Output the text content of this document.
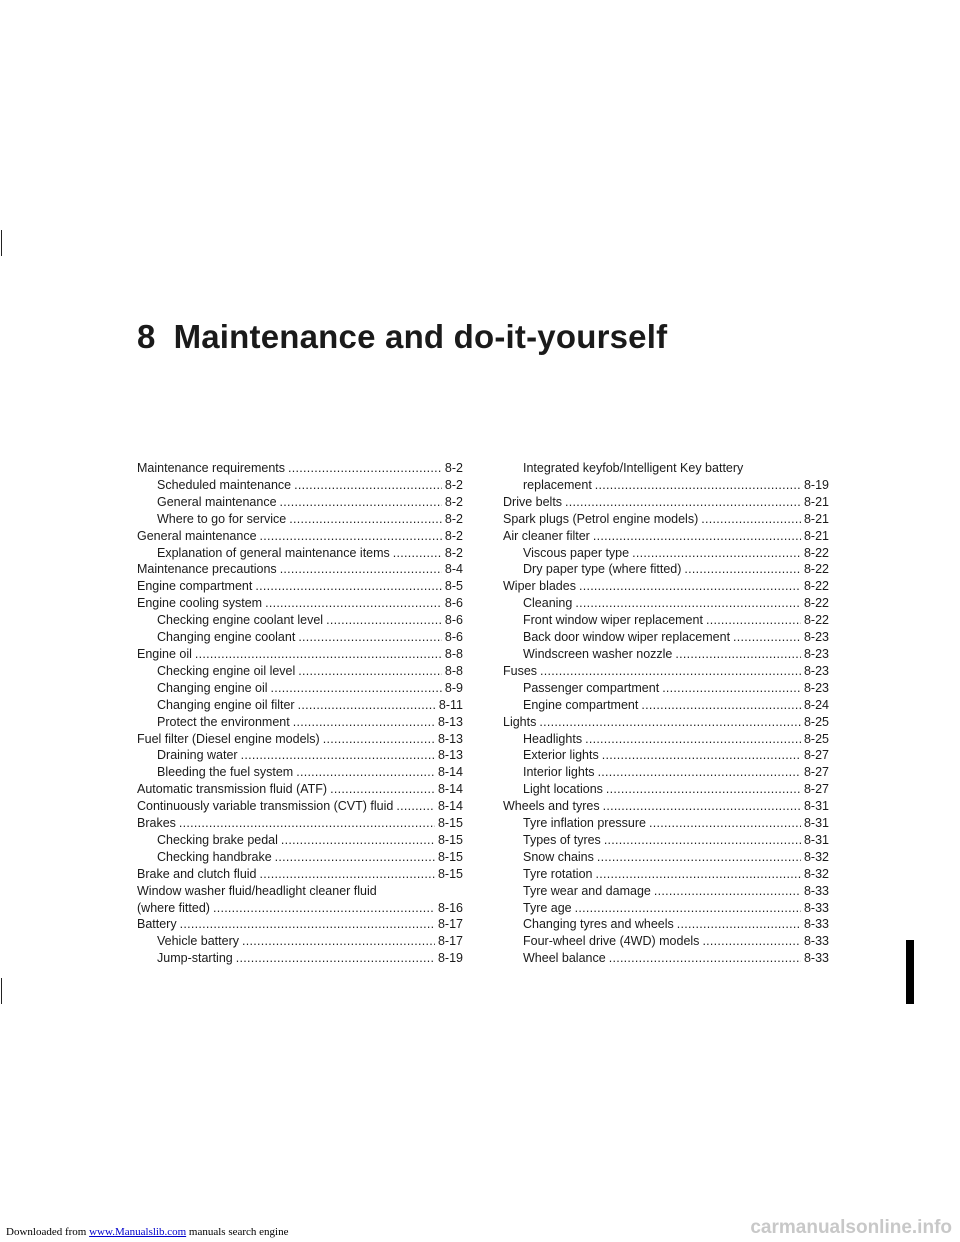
8 Maintenance and do-it-yourself
Maintenance requirements . . .	8-2
Scheduled maintenance . . .	8-2
General maintenance . . .	8-2
Where to go for service . . .	8-2
General maintenance . . .	8-2
Explanation of general maintenance items . . .	8-2
Maintenance precautions . . .	8-4
Engine compartment . . .	8-5
Engine cooling system . . .	8-6
Checking engine coolant level . . .	8-6
Changing engine coolant . . .	8-6
Engine oil . . .	8-8
Checking engine oil level . . .	8-8
Changing engine oil . . .	8-9
Changing engine oil filter . . .	8-11
Protect the environment . . .	8-13
Fuel filter (Diesel engine models) . . .	8-13
Draining water . . .	8-13
Bleeding the fuel system . . .	8-14
Automatic transmission fluid (ATF) . . .	8-14
Continuously variable transmission (CVT) fluid . . .	8-14
Brakes . . .	8-15
Checking brake pedal . . .	8-15
Checking handbrake . . .	8-15
Brake and clutch fluid . . .	8-15
Window washer fluid/headlight cleaner fluid
(where fitted) . . .	8-16
Battery . . .	8-17
Vehicle battery . . .	8-17
Jump-starting . . .	8-19
Integrated keyfob/Intelligent Key battery
replacement . . .	8-19
Drive belts . . .	8-21
Spark plugs (Petrol engine models) . . .	8-21
Air cleaner filter . . .	8-21
Viscous paper type . . .	8-22
Dry paper type (where fitted) . . .	8-22
Wiper blades . . .	8-22
Cleaning . . .	8-22
Front window wiper replacement . . .	8-22
Back door window wiper replacement . . .	8-23
Windscreen washer nozzle . . .	8-23
Fuses . . .	8-23
Passenger compartment . . .	8-23
Engine compartment . . .	8-24
Lights . . .	8-25
Headlights . . .	8-25
Exterior lights . . .	8-27
Interior lights . . .	8-27
Light locations . . .	8-27
Wheels and tyres . . .	8-31
Tyre inflation pressure . . .	8-31
Types of tyres . . .	8-31
Snow chains . . .	8-32
Tyre rotation . . .	8-32
Tyre wear and damage . . .	8-33
Tyre age . . .	8-33
Changing tyres and wheels . . .	8-33
Four-wheel drive (4WD) models . . .	8-33
Wheel balance . . .	8-33
Downloaded from www.Manualslib.com manuals search engine	carmanualsonline.info
